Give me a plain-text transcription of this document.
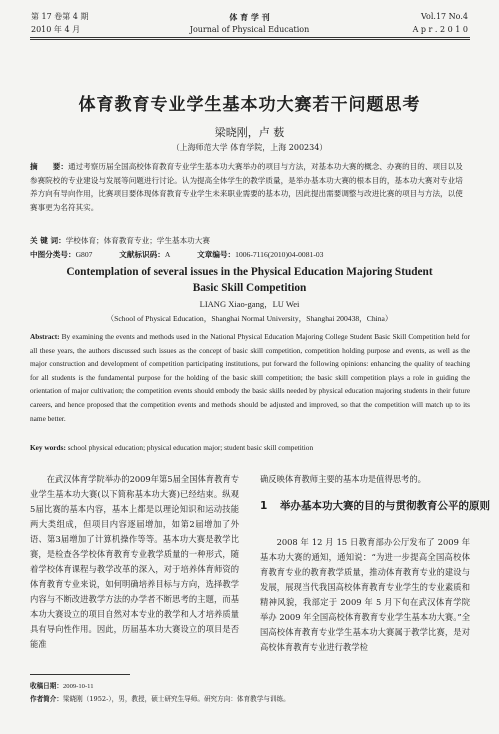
第 17 卷第 4 期
2010 年 4 月
体 育 学 刊
Journal of Physical Education
Vol.17 No.4
A p r . 2 0 1 0
体育教育专业学生基本功大赛若干问题思考
梁晓刚，卢 薮
（上海师范大学 体育学院，上海 200234）
摘　　要：通过考察历届全国高校体育教育专业学生基本功大赛举办的项目与方法，对基本功大赛的概念、办赛的目的、项目以及参赛院校的专业建设与发展等问题进行讨论。认为提高全体学生的教学质量，是举办基本功大赛的根本目的，基本功大赛对专业培养方向有导向作用，比赛项目要体现体育教育专业学生未来职业需要的基本功，因此提出需要调整与改进比赛的项目与方法，以使赛事更为名符其实。
关 键 词：学校体育；体育教育专业；学生基本功大赛
中图分类号：G807	文献标识码：A	文章编号：1006-7116(2010)04-0081-03
Contemplation of several issues in the Physical Education Majoring Student
Basic Skill Competition
LIANG Xiao-gang，LU Wei
（School of Physical Education，Shanghai Normal University，Shanghai 200438，China）
Abstract: By examining the events and methods used in the National Physical Education Majoring College Student Basic Skill Competition held for all these years, the authors discussed such issues as the concept of basic skill competition, competition holding purpose and events, as well as the major construction and development of competition participating institutions, put forward the following opinions: enhancing the quality of teaching for all students is the fundamental purpose for the holding of the basic skill competition; the basic skill competition plays a role in guiding the orientation of major cultivation; the competition events should embody the basic skills needed by physical education majoring students in their future careers, and hence proposed that the competition events and methods should be adjusted and improved, so that the competition will match up to its name better.
Key words: school physical education; physical education major; student basic skill competition
在武汉体育学院举办的2009年第5届全国体育教育专业学生基本功大赛(以下简称基本功大赛)已经结束。纵观5届比赛的基本内容，基本上都是以理论知识和运动技能两大类组成，但项目内容逐届增加，如第2届增加了外语、第3届增加了计算机操作等等。基本功大赛是教学比赛，是检查各学校体育教育专业教学质量的一种形式，随着学校体育课程与教学改革的深入，对于培养体育师资的体育教育专业来说，如何明确培养目标与方向，选择教学内容与不断改进教学方法的办学者不断思考的主题，而基本功大赛设立的项目自然对本专业的教学和人才培养质量具有导向性作用。因此，历届基本功大赛设立的项目是否能准
确反映体育教师主要的基本功是值得思考的。
1 举办基本功大赛的目的与贯彻教育公平的原则
2008 年 12 月 15 日教育部办公厅发布了 2009 年基本功大赛的通知，通知说：“为进一步提高全国高校体育教育专业的教育教学质量，推动体育教育专业的建设与发展，展现当代我国高校体育教育专业学生的专业素质和精神风貌，我部定于 2009 年 5 月下旬在武汉体育学院举办 2009 年全国高校体育教育专业学生基本功大赛。”全国高校体育教育专业学生基本功大赛属于教学比赛，是对高校体育教育专业进行教学检
收稿日期：2009-10-11
作者简介：梁晓刚（1952-），男，教授，硕士研究生导师。研究方向：体育教学与训练。
